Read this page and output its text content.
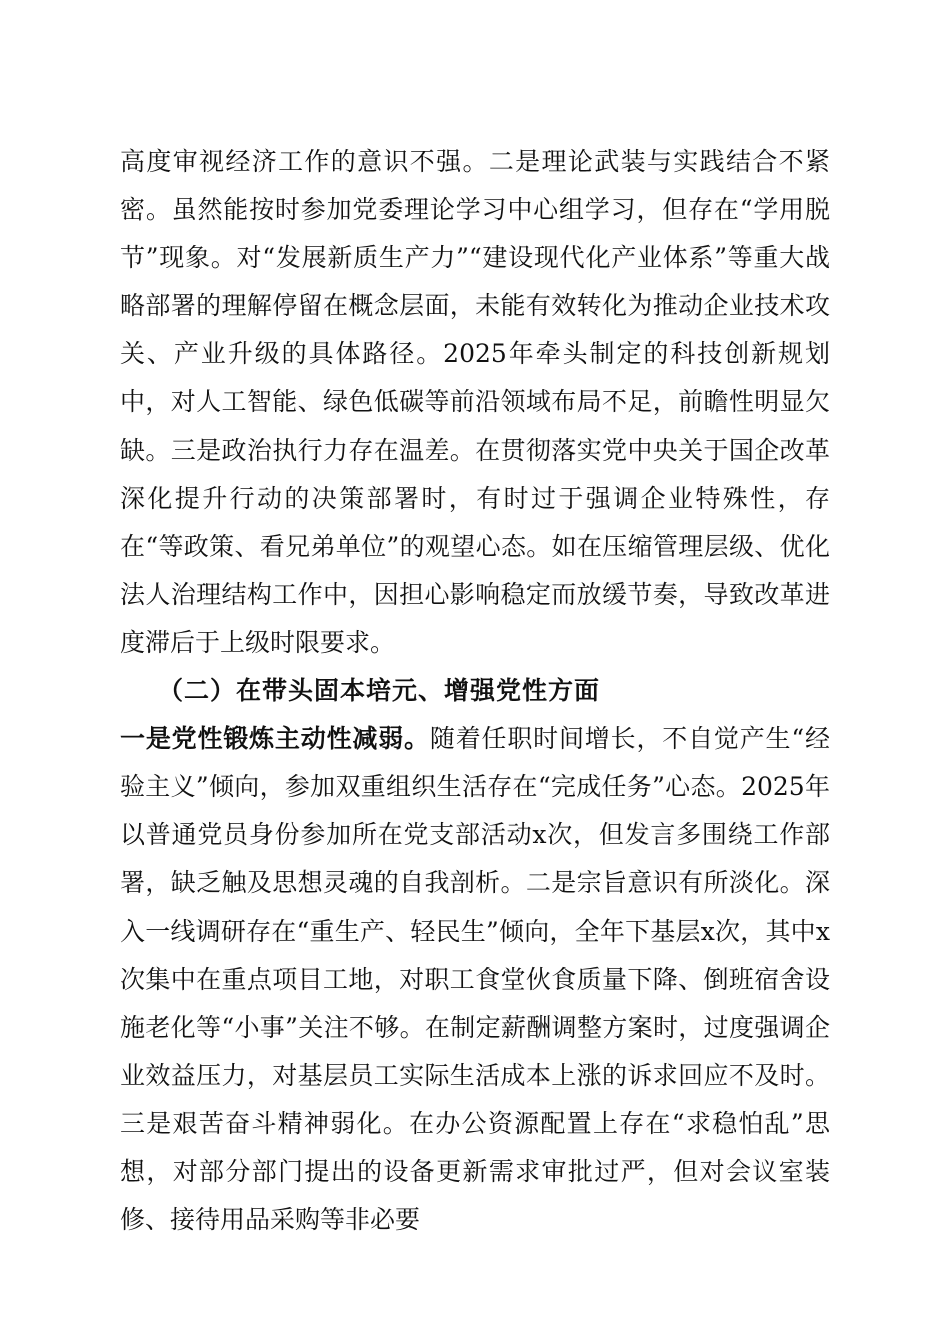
高度审视经济工作的意识不强。二是理论武装与实践结合不紧密。虽然能按时参加党委理论学习中心组学习，但存在“学用脱节”现象。对“发展新质生产力”“建设现代化产业体系”等重大战略部署的理解停留在概念层面，未能有效转化为推动企业技术攻关、产业升级的具体路径。2025年牵头制定的科技创新规划中，对人工智能、绿色低碳等前沿领域布局不足，前瞻性明显欠缺。三是政治执行力存在温差。在贯彻落实党中央关于国企改革深化提升行动的决策部署时，有时过于强调企业特殊性，存在“等政策、看兄弟单位”的观望心态。如在压缩管理层级、优化法人治理结构工作中，因担心影响稳定而放缓节奏，导致改革进度滞后于上级时限要求。

（二）在带头固本培元、增强党性方面

一是党性锻炼主动性减弱。随着任职时间增长，不自觉产生“经验主义”倾向，参加双重组织生活存在“完成任务”心态。2025年以普通党员身份参加所在党支部活动x次，但发言多围绕工作部署，缺乏触及思想灵魂的自我剖析。二是宗旨意识有所淡化。深入一线调研存在“重生产、轻民生”倾向，全年下基层x次，其中x次集中在重点项目工地，对职工食堂伙食质量下降、倒班宿舍设施老化等“小事”关注不够。在制定薪酬调整方案时，过度强调企业效益压力，对基层员工实际生活成本上涨的诉求回应不及时。三是艰苦奋斗精神弱化。在办公资源配置上存在“求稳怕乱”思想，对部分部门提出的设备更新需求审批过严，但对会议室装修、接待用品采购等非必要
